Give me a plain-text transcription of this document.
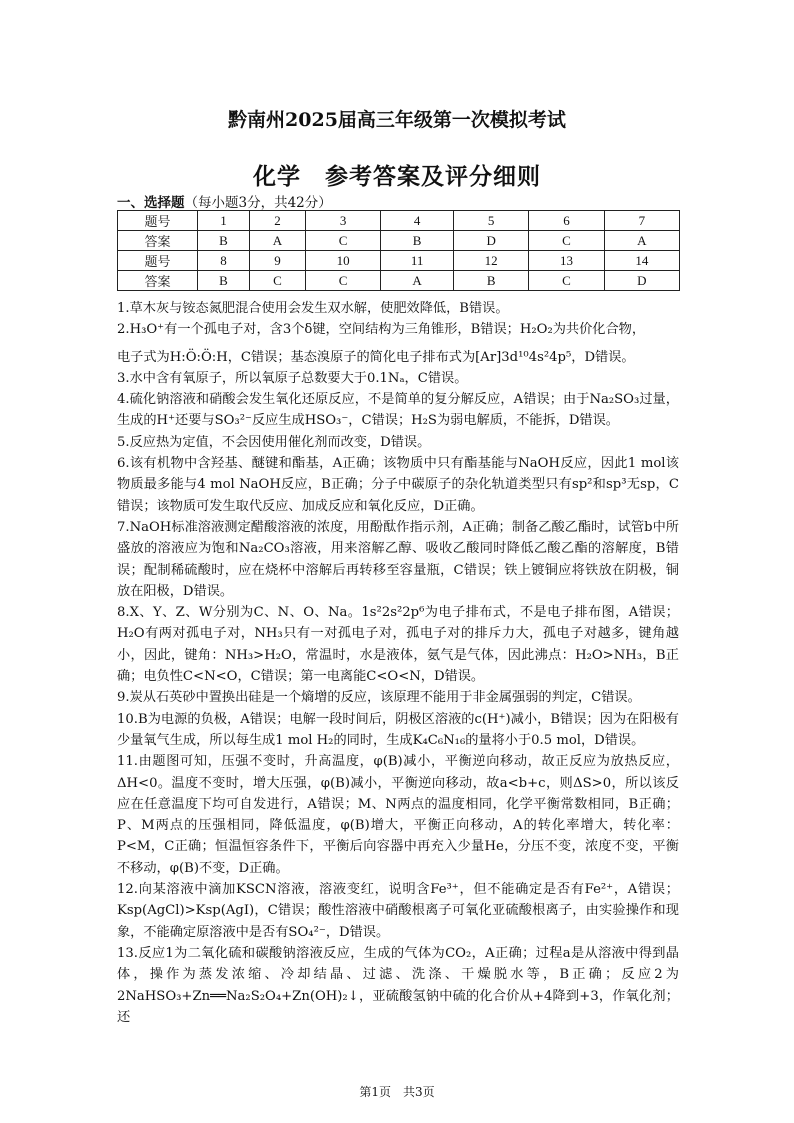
黔南州2025届高三年级第一次模拟考试
化学　参考答案及评分细则
一、选择题（每小题3分，共42分）
题号	1	2	3	4	5	6	7
答案	B	A	C	B	D	C	A
题号	8	9	10	11	12	13	14
答案	B	C	C	A	B	C	D

1.草木灰与铵态氮肥混合使用会发生双水解，使肥效降低，B错误。

2.H₃O⁺有一个孤电子对，含3个δ键，空间结构为三角锥形，B错误；H₂O₂为共价化合物，

电子式为H:Ö:Ö:H，C错误；基态溴原子的简化电子排布式为[Ar]3d¹⁰4s²4p⁵，D错误。

3.水中含有氧原子，所以氧原子总数要大于0.1Nₐ，C错误。

4.硫化钠溶液和硝酸会发生氧化还原反应，不是简单的复分解反应，A错误；由于Na₂SO₃过量，生成的H⁺还要与SO₃²⁻反应生成HSO₃⁻，C错误；H₂S为弱电解质，不能拆，D错误。

5.反应热为定值，不会因使用催化剂而改变，D错误。

6.该有机物中含羟基、醚键和酯基，A正确；该物质中只有酯基能与NaOH反应，因此1 mol该物质最多能与4 mol NaOH反应，B正确；分子中碳原子的杂化轨道类型只有sp²和sp³无sp，C错误；该物质可发生取代反应、加成反应和氧化反应，D正确。

7.NaOH标准溶液测定醋酸溶液的浓度，用酚酞作指示剂，A正确；制备乙酸乙酯时，试管b中所盛放的溶液应为饱和Na₂CO₃溶液，用来溶解乙醇、吸收乙酸同时降低乙酸乙酯的溶解度，B错误；配制稀硫酸时，应在烧杯中溶解后再转移至容量瓶，C错误；铁上镀铜应将铁放在阴极，铜放在阳极，D错误。

8.X、Y、Z、W分别为C、N、O、Na。1s²2s²2p⁶为电子排布式，不是电子排布图，A错误；H₂O有两对孤电子对，NH₃只有一对孤电子对，孤电子对的排斥力大，孤电子对越多，键角越小，因此，键角：NH₃>H₂O，常温时，水是液体，氨气是气体，因此沸点：H₂O>NH₃，B正确；电负性C<N<O，C错误；第一电离能C<O<N，D错误。

9.炭从石英砂中置换出硅是一个熵增的反应，该原理不能用于非金属强弱的判定，C错误。

10.B为电源的负极，A错误；电解一段时间后，阴极区溶液的c(H⁺)减小，B错误；因为在阳极有少量氧气生成，所以每生成1 mol H₂的同时，生成K₄C₆N₁₆的量将小于0.5 mol，D错误。

11.由题图可知，压强不变时，升高温度，φ(B)减小，平衡逆向移动，故正反应为放热反应，ΔH<0。温度不变时，增大压强，φ(B)减小，平衡逆向移动，故a<b+c，则ΔS>0，所以该反应在任意温度下均可自发进行，A错误；M、N两点的温度相同，化学平衡常数相同，B正确；P、M两点的压强相同，降低温度，φ(B)增大，平衡正向移动，A的转化率增大，转化率：P<M，C正确；恒温恒容条件下，平衡后向容器中再充入少量He，分压不变，浓度不变，平衡不移动，φ(B)不变，D正确。

12.向某溶液中滴加KSCN溶液，溶液变红，说明含Fe³⁺，但不能确定是否有Fe²⁺，A错误；Ksp(AgCl)>Ksp(AgI)，C错误；酸性溶液中硝酸根离子可氧化亚硫酸根离子，由实验操作和现象，不能确定原溶液中是否有SO₄²⁻，D错误。

13.反应1为二氧化硫和碳酸钠溶液反应，生成的气体为CO₂，A正确；过程a是从溶液中得到晶体，操作为蒸发浓缩、冷却结晶、过滤、洗涤、干燥脱水等，B正确；反应2为2NaHSO₃+Zn══Na₂S₂O₄+Zn(OH)₂↓，亚硫酸氢钠中硫的化合价从+4降到+3，作氧化剂；还

第1页　共3页
